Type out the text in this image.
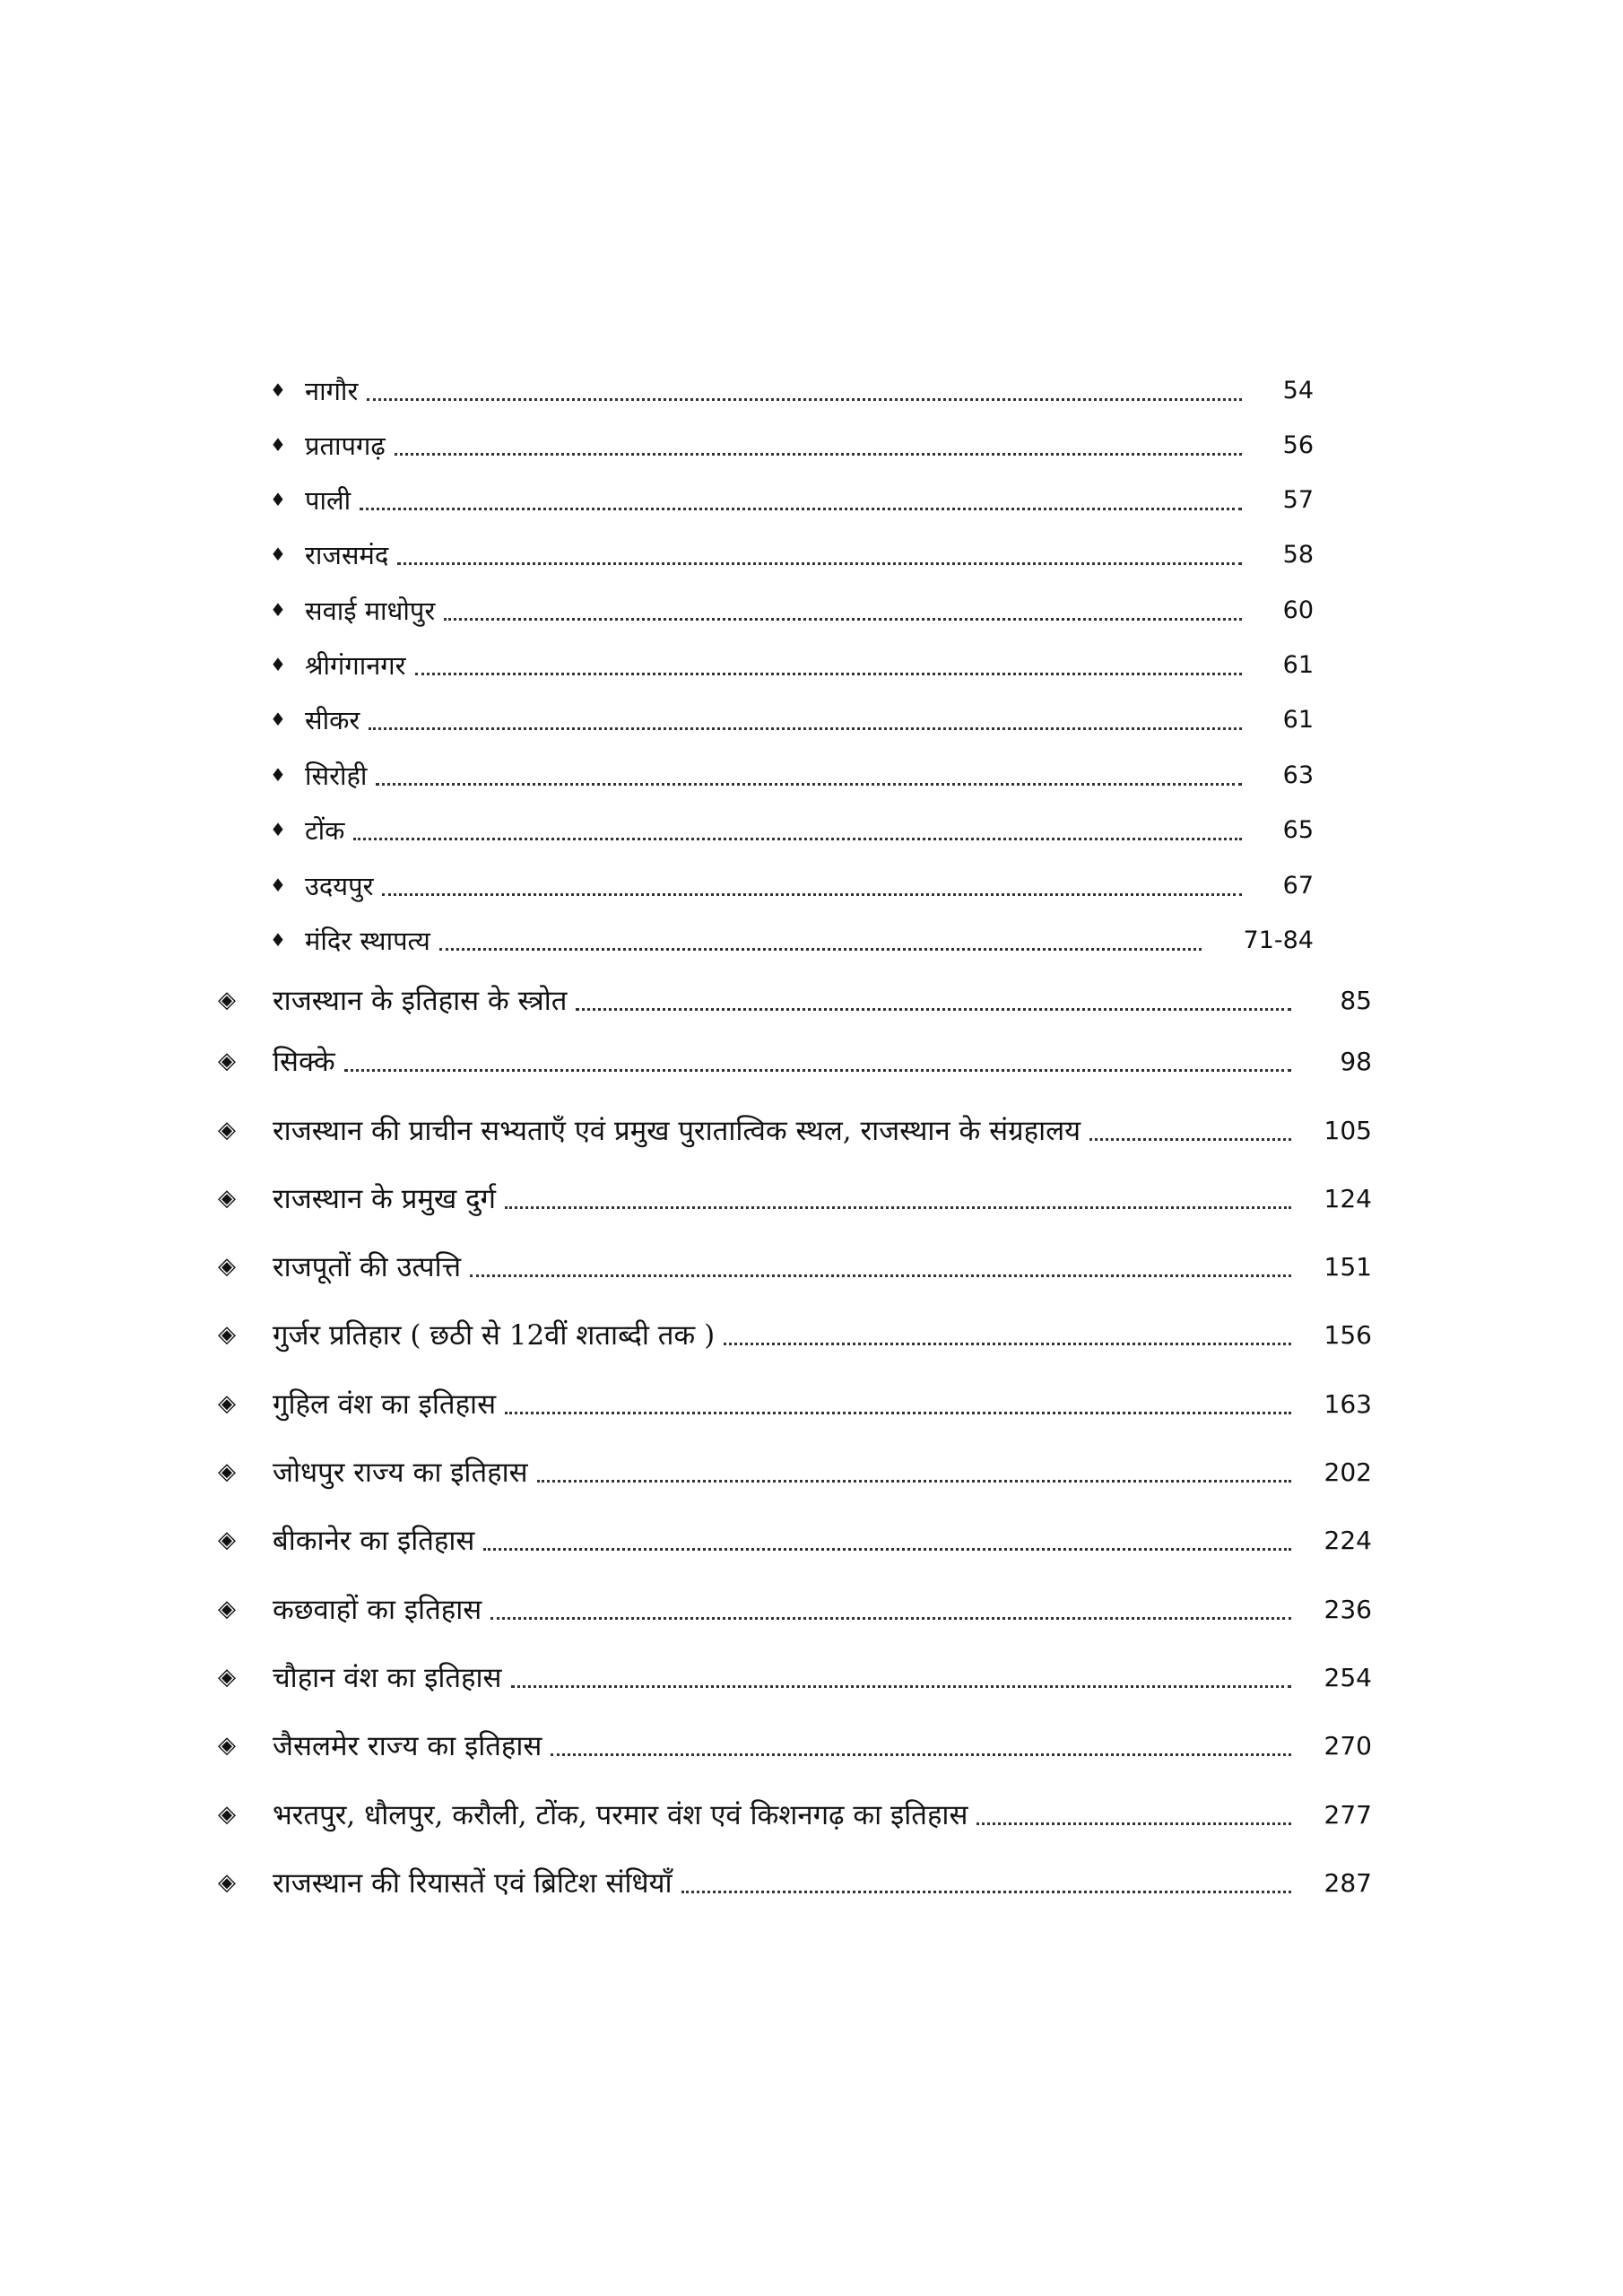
♦ नागौर	54
♦ प्रतापगढ़	56
♦ पाली	57
♦ राजसमंद	58
♦ सवाई माधोपुर	60
♦ श्रीगंगानगर	61
♦ सीकर	61
♦ सिरोही	63
♦ टोंक	65
♦ उदयपुर	67
♦ मंदिर स्थापत्य	71-84
◈ राजस्थान के इतिहास के स्त्रोत	85
◈ सिक्के	98
◈ राजस्थान की प्राचीन सभ्यताएँ एवं प्रमुख पुरातात्विक स्थल, राजस्थान के संग्रहालय	105
◈ राजस्थान के प्रमुख दुर्ग	124
◈ राजपूतों की उत्पत्ति	151
◈ गुर्जर प्रतिहार ( छठी से 12वीं शताब्दी तक )	156
◈ गुहिल वंश का इतिहास	163
◈ जोधपुर राज्य का इतिहास	202
◈ बीकानेर का इतिहास	224
◈ कछवाहों का इतिहास	236
◈ चौहान वंश का इतिहास	254
◈ जैसलमेर राज्य का इतिहास	270
◈ भरतपुर, धौलपुर, करौली, टोंक, परमार वंश एवं किशनगढ़ का इतिहास	277
◈ राजस्थान की रियासतें एवं ब्रिटिश संधियाँ	287
